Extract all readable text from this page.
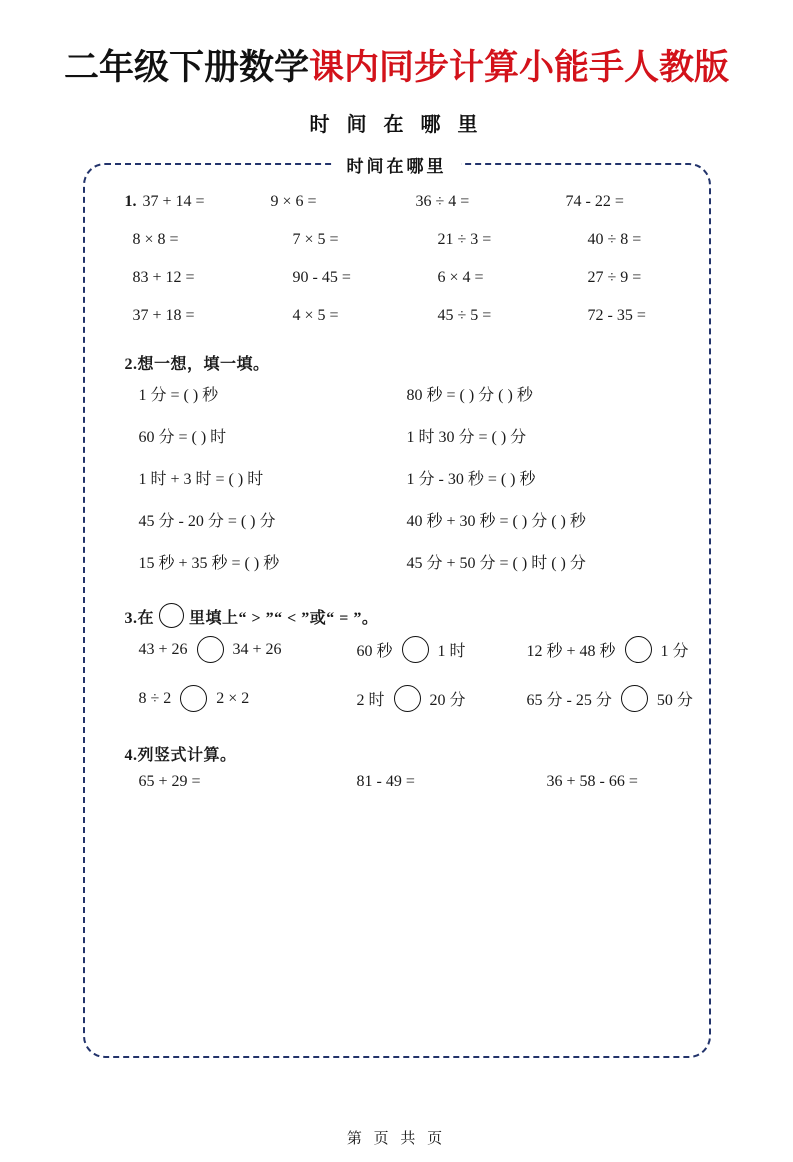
二年级下册数学课内同步计算小能手人教版
时 间 在 哪 里
时间在哪里
1. 37 + 14 =	9 × 6 =	36 ÷ 4 =	74 - 22 =
8 × 8 =	7 × 5 =	21 ÷ 3 =	40 ÷ 8 =
83 + 12 =	90 - 45 =	6 × 4 =	27 ÷ 9 =
37 + 18 =	4 × 5 =	45 ÷ 5 =	72 - 35 =
2.想一想，填一填。
1 分 = ( ) 秒	80 秒 = ( ) 分 ( ) 秒
60 分 = ( ) 时	1 时 30 分 = ( ) 分
1 时 + 3 时 = ( ) 时	1 分 - 30 秒 = ( ) 秒
45 分 - 20 分 = ( ) 分	40 秒 + 30 秒 = ( ) 分 ( ) 秒
15 秒 + 35 秒 = ( ) 秒	45 分 + 50 分 = ( ) 时 ( ) 分
3.在 里填上“ > ”“ < ”或“ = ”。
43 + 26	34 + 26	60 秒	1 时	12 秒 + 48 秒	1 分
8 ÷ 2	2 × 2	2 时	20 分	65 分 - 25 分	50 分
4.列竖式计算。
65 + 29 =	81 - 49 =	36 + 58 - 66 =
第 页 共 页
